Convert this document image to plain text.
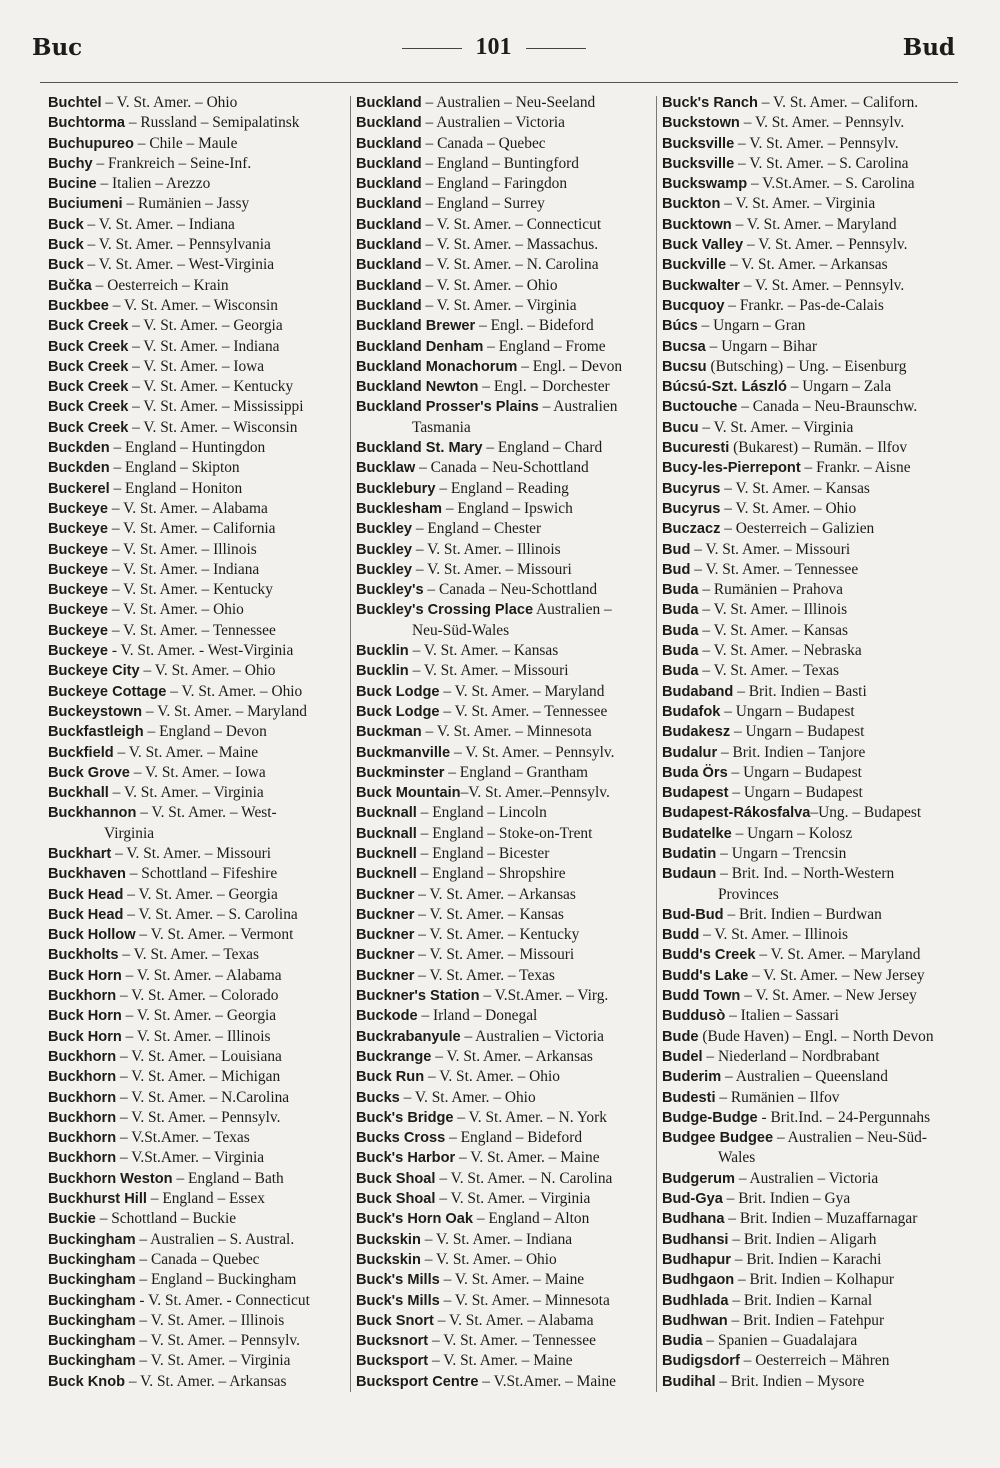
Buc	101	Bud
Buchtel – V. St. Amer. – Ohio
Buchtorma – Russland – Semipalatinsk
Buchupureo – Chile – Maule
Buchy – Frankreich – Seine-Inf.
Bucine – Italien – Arezzo
Buciumeni – Rumänien – Jassy
Buck – V. St. Amer. – Indiana
Buck – V. St. Amer. – Pennsylvania
Buck – V. St. Amer. – West-Virginia
Bučka – Oesterreich – Krain
Buckbee – V. St. Amer. – Wisconsin
Buck Creek – V. St. Amer. – Georgia
Buck Creek – V. St. Amer. – Indiana
Buck Creek – V. St. Amer. – Iowa
Buck Creek – V. St. Amer. – Kentucky
Buck Creek – V. St. Amer. – Mississippi
Buck Creek – V. St. Amer. – Wisconsin
Buckden – England – Huntingdon
Buckden – England – Skipton
Buckerel – England – Honiton
Buckeye – V. St. Amer. – Alabama
Buckeye – V. St. Amer. – California
Buckeye – V. St. Amer. – Illinois
Buckeye – V. St. Amer. – Indiana
Buckeye – V. St. Amer. – Kentucky
Buckeye – V. St. Amer. – Ohio
Buckeye – V. St. Amer. – Tennessee
Buckeye - V. St. Amer. - West-Virginia
Buckeye City – V. St. Amer. – Ohio
Buckeye Cottage – V. St. Amer. – Ohio
Buckeystown – V. St. Amer. – Maryland
Buckfastleigh – England – Devon
Buckfield – V. St. Amer. – Maine
Buck Grove – V. St. Amer. – Iowa
Buckhall – V. St. Amer. – Virginia
Buckhannon – V. St. Amer. – West-
Virginia
Buckhart – V. St. Amer. – Missouri
Buckhaven – Schottland – Fifeshire
Buck Head – V. St. Amer. – Georgia
Buck Head – V. St. Amer. – S. Carolina
Buck Hollow – V. St. Amer. – Vermont
Buckholts – V. St. Amer. – Texas
Buck Horn – V. St. Amer. – Alabama
Buckhorn – V. St. Amer. – Colorado
Buck Horn – V. St. Amer. – Georgia
Buck Horn – V. St. Amer. – Illinois
Buckhorn – V. St. Amer. – Louisiana
Buckhorn – V. St. Amer. – Michigan
Buckhorn – V. St. Amer. – N.Carolina
Buckhorn – V. St. Amer. – Pennsylv.
Buckhorn – V.St.Amer. – Texas
Buckhorn – V.St.Amer. – Virginia
Buckhorn Weston – England – Bath
Buckhurst Hill – England – Essex
Buckie – Schottland – Buckie
Buckingham – Australien – S. Austral.
Buckingham – Canada – Quebec
Buckingham – England – Buckingham
Buckingham - V. St. Amer. - Connecticut
Buckingham – V. St. Amer. – Illinois
Buckingham – V. St. Amer. – Pennsylv.
Buckingham – V. St. Amer. – Virginia
Buck Knob – V. St. Amer. – Arkansas
Buckland – Australien – Neu-Seeland
Buckland – Australien – Victoria
Buckland – Canada – Quebec
Buckland – England – Buntingford
Buckland – England – Faringdon
Buckland – England – Surrey
Buckland – V. St. Amer. – Connecticut
Buckland – V. St. Amer. – Massachus.
Buckland – V. St. Amer. – N. Carolina
Buckland – V. St. Amer. – Ohio
Buckland – V. St. Amer. – Virginia
Buckland Brewer – Engl. – Bideford
Buckland Denham – England – Frome
Buckland Monachorum – Engl. – Devon
Buckland Newton – Engl. – Dorchester
Buckland Prosser's Plains – Australien
Tasmania
Buckland St. Mary – England – Chard
Bucklaw – Canada – Neu-Schottland
Bucklebury – England – Reading
Bucklesham – England – Ipswich
Buckley – England – Chester
Buckley – V. St. Amer. – Illinois
Buckley – V. St. Amer. – Missouri
Buckley's – Canada – Neu-Schottland
Buckley's Crossing Place Australien –
Neu-Süd-Wales
Bucklin – V. St. Amer. – Kansas
Bucklin – V. St. Amer. – Missouri
Buck Lodge – V. St. Amer. – Maryland
Buck Lodge – V. St. Amer. – Tennessee
Buckman – V. St. Amer. – Minnesota
Buckmanville – V. St. Amer. – Pennsylv.
Buckminster – England – Grantham
Buck Mountain–V. St. Amer.–Pennsylv.
Bucknall – England – Lincoln
Bucknall – England – Stoke-on-Trent
Bucknell – England – Bicester
Bucknell – England – Shropshire
Buckner – V. St. Amer. – Arkansas
Buckner – V. St. Amer. – Kansas
Buckner – V. St. Amer. – Kentucky
Buckner – V. St. Amer. – Missouri
Buckner – V. St. Amer. – Texas
Buckner's Station – V.St.Amer. – Virg.
Buckode – Irland – Donegal
Buckrabanyule – Australien – Victoria
Buckrange – V. St. Amer. – Arkansas
Buck Run – V. St. Amer. – Ohio
Bucks – V. St. Amer. – Ohio
Buck's Bridge – V. St. Amer. – N. York
Bucks Cross – England – Bideford
Buck's Harbor – V. St. Amer. – Maine
Buck Shoal – V. St. Amer. – N. Carolina
Buck Shoal – V. St. Amer. – Virginia
Buck's Horn Oak – England – Alton
Buckskin – V. St. Amer. – Indiana
Buckskin – V. St. Amer. – Ohio
Buck's Mills – V. St. Amer. – Maine
Buck's Mills – V. St. Amer. – Minnesota
Buck Snort – V. St. Amer. – Alabama
Bucksnort – V. St. Amer. – Tennessee
Bucksport – V. St. Amer. – Maine
Bucksport Centre – V.St.Amer. – Maine
Buck's Ranch – V. St. Amer. – Californ.
Buckstown – V. St. Amer. – Pennsylv.
Bucksville – V. St. Amer. – Pennsylv.
Bucksville – V. St. Amer. – S. Carolina
Buckswamp – V.St.Amer. – S. Carolina
Buckton – V. St. Amer. – Virginia
Bucktown – V. St. Amer. – Maryland
Buck Valley – V. St. Amer. – Pennsylv.
Buckville – V. St. Amer. – Arkansas
Buckwalter – V. St. Amer. – Pennsylv.
Bucquoy – Frankr. – Pas-de-Calais
Búcs – Ungarn – Gran
Bucsa – Ungarn – Bihar
Bucsu (Butsching) – Ung. – Eisenburg
Búcsú-Szt. László – Ungarn – Zala
Buctouche – Canada – Neu-Braunschw.
Bucu – V. St. Amer. – Virginia
Bucuresti (Bukarest) – Rumän. – Ilfov
Bucy-les-Pierrepont – Frankr. – Aisne
Bucyrus – V. St. Amer. – Kansas
Bucyrus – V. St. Amer. – Ohio
Buczacz – Oesterreich – Galizien
Bud – V. St. Amer. – Missouri
Bud – V. St. Amer. – Tennessee
Buda – Rumänien – Prahova
Buda – V. St. Amer. – Illinois
Buda – V. St. Amer. – Kansas
Buda – V. St. Amer. – Nebraska
Buda – V. St. Amer. – Texas
Budaband – Brit. Indien – Basti
Budafok – Ungarn – Budapest
Budakesz – Ungarn – Budapest
Budalur – Brit. Indien – Tanjore
Buda Örs – Ungarn – Budapest
Budapest – Ungarn – Budapest
Budapest-Rákosfalva–Ung. – Budapest
Budatelke – Ungarn – Kolosz
Budatin – Ungarn – Trencsin
Budaun – Brit. Ind. – North-Western
Provinces
Bud-Bud – Brit. Indien – Burdwan
Budd – V. St. Amer. – Illinois
Budd's Creek – V. St. Amer. – Maryland
Budd's Lake – V. St. Amer. – New Jersey
Budd Town – V. St. Amer. – New Jersey
Buddusò – Italien – Sassari
Bude (Bude Haven) – Engl. – North Devon
Budel – Niederland – Nordbrabant
Buderim – Australien – Queensland
Budesti – Rumänien – Ilfov
Budge-Budge - Brit.Ind. – 24-Pergunnahs
Budgee Budgee – Australien – Neu-Süd-
Wales
Budgerum – Australien – Victoria
Bud-Gya – Brit. Indien – Gya
Budhana – Brit. Indien – Muzaffarnagar
Budhansi – Brit. Indien – Aligarh
Budhapur – Brit. Indien – Karachi
Budhgaon – Brit. Indien – Kolhapur
Budhlada – Brit. Indien – Karnal
Budhwan – Brit. Indien – Fatehpur
Budia – Spanien – Guadalajara
Budigsdorf – Oesterreich – Mähren
Budihal – Brit. Indien – Mysore
